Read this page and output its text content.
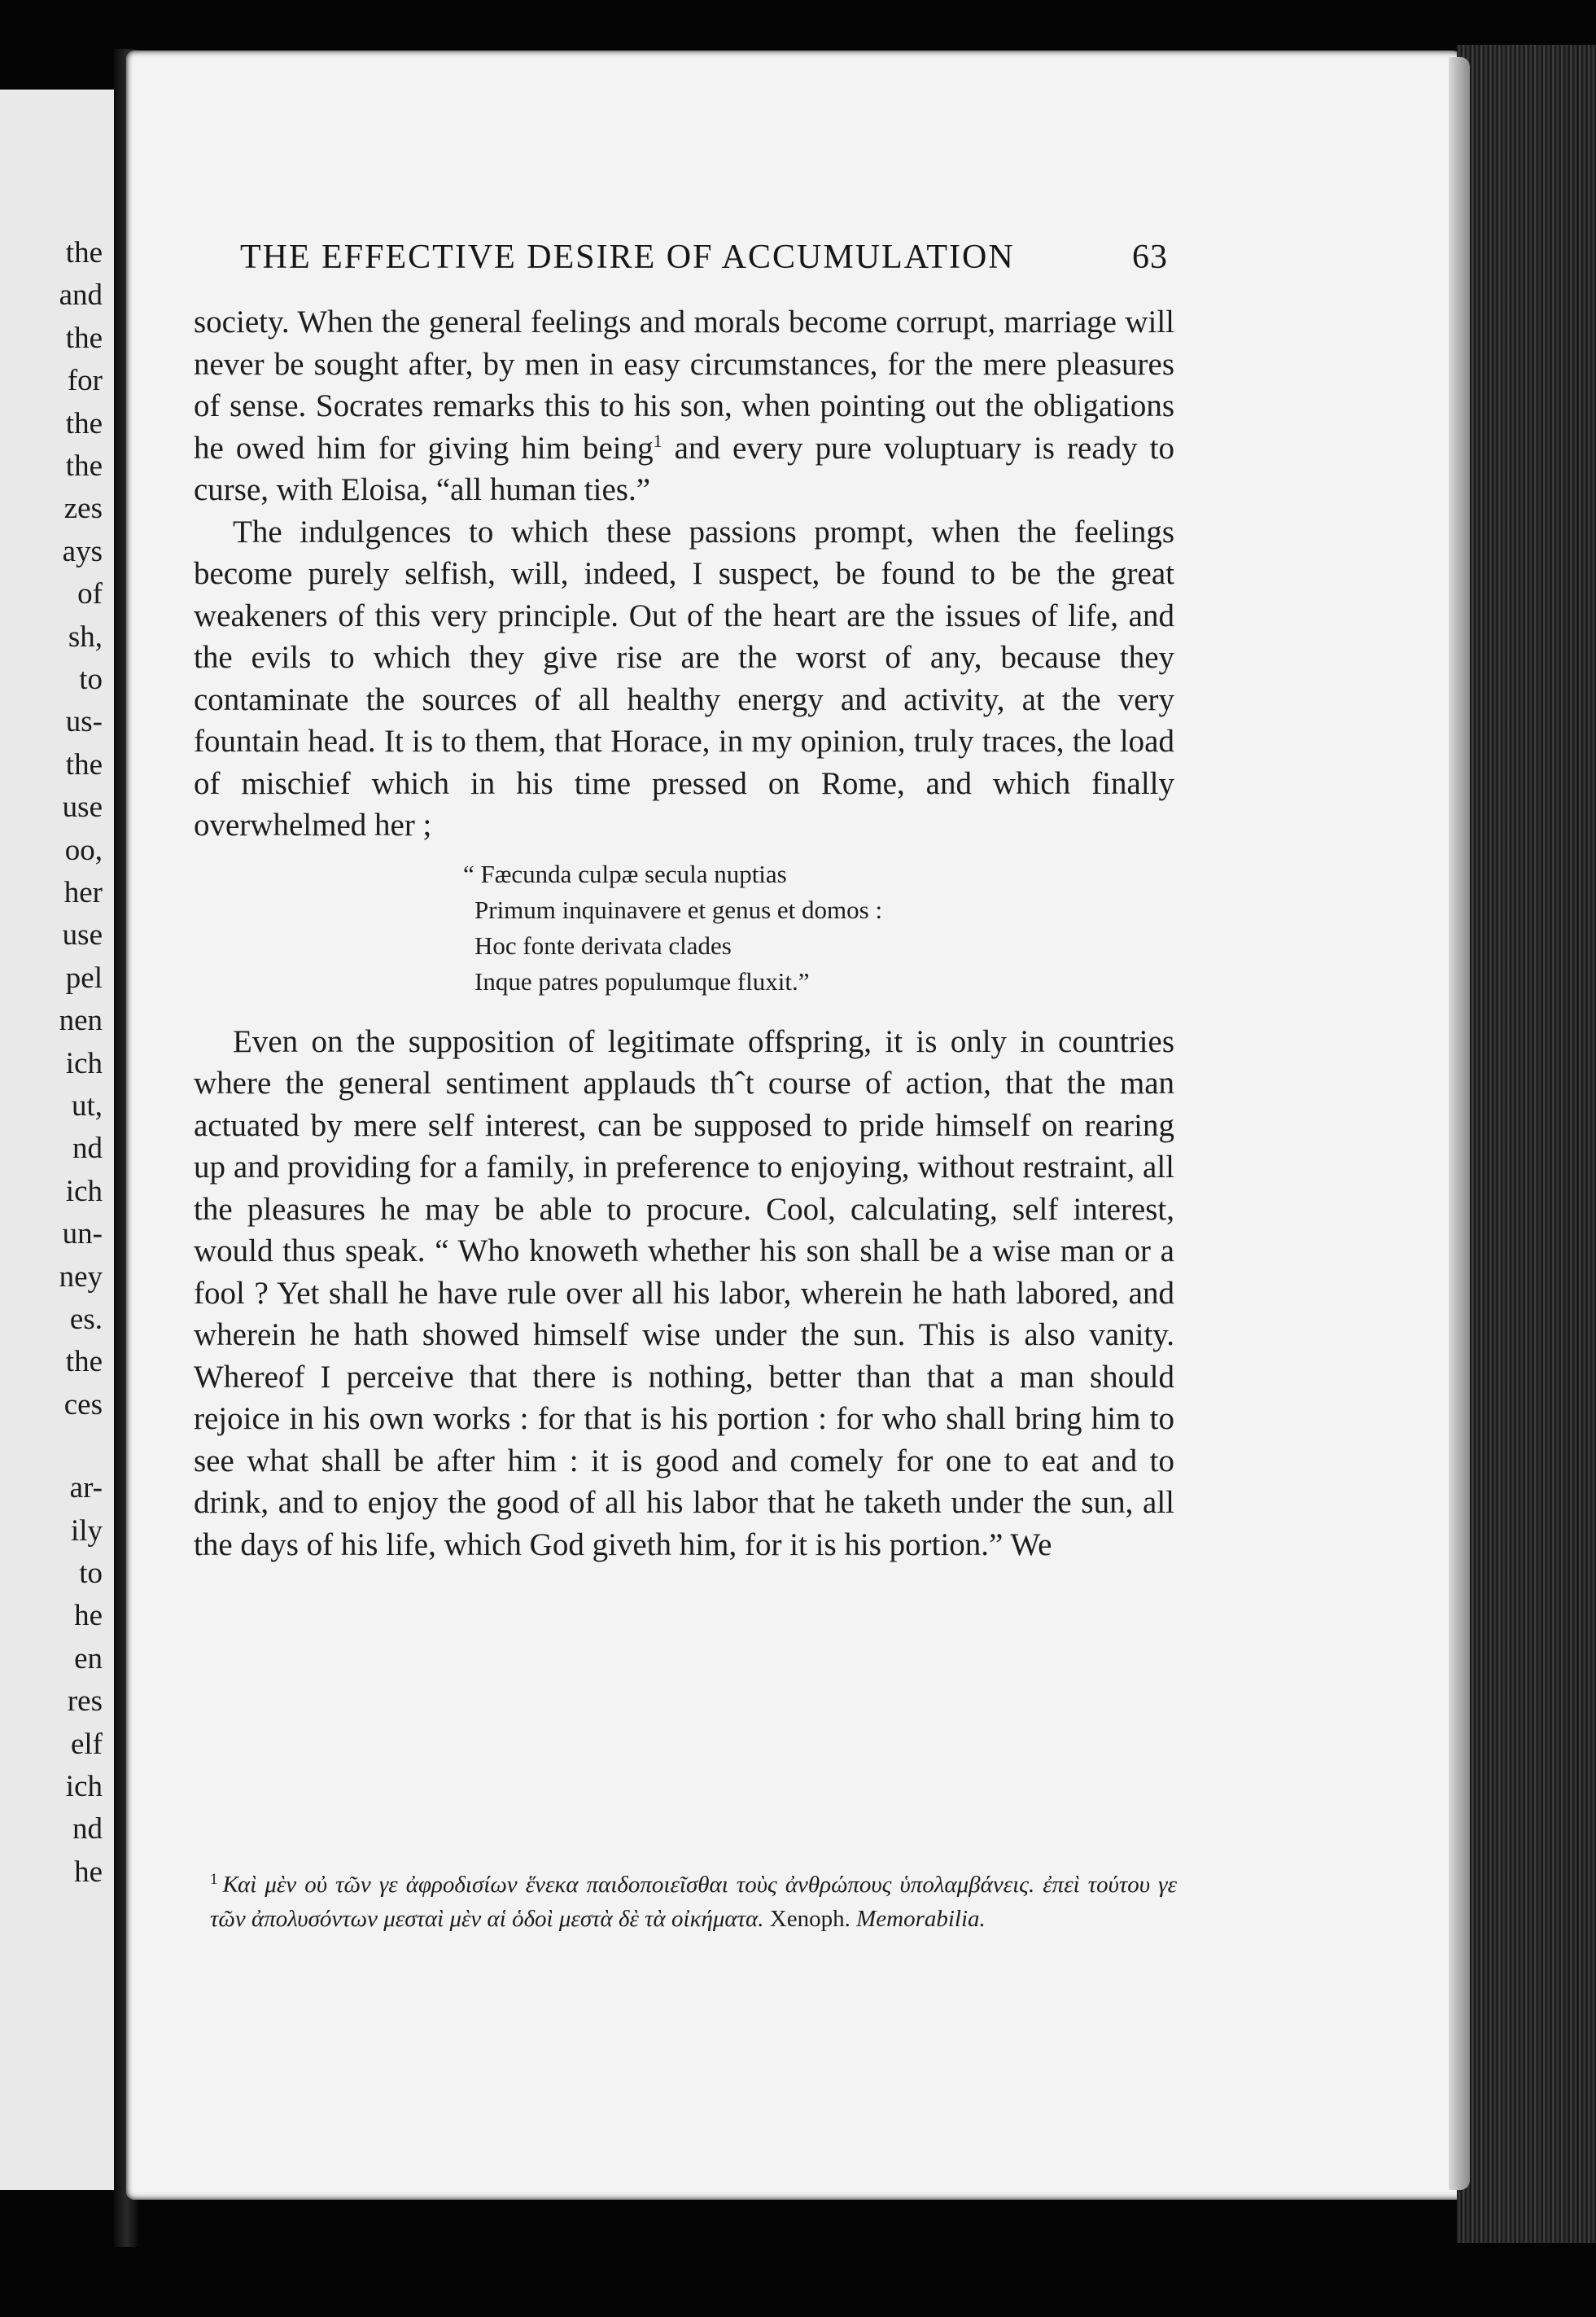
the
and
the
for
the
the
zes
ays
of
sh,
to
us-
the
use
oo,
her
use
pel
nen
ich
ut,
nd
ich
un-
ney
es.
the
ces
ar-
ily
to
he
en
res
elf
ich
nd
he
THE EFFECTIVE DESIRE OF ACCUMULATION	63

society. When the general feelings and morals become corrupt, marriage will never be sought after, by men in easy circumstances, for the mere pleasures of sense. Socrates remarks this to his son, when pointing out the obligations he owed him for giving him being$^1$ and every pure voluptuary is ready to curse, with Eloisa, “all human ties.”

The indulgences to which these passions prompt, when the feelings become purely selfish, will, indeed, I suspect, be found to be the great weakeners of this very principle. Out of the heart are the issues of life, and the evils to which they give rise are the worst of any, because they contaminate the sources of all healthy energy and activity, at the very fountain head. It is to them, that Horace, in my opinion, truly traces, the load of mischief which in his time pressed on Rome, and which finally overwhelmed her ;

“ Fæcunda culpæ secula nuptias
Primum inquinavere et genus et domos :
Hoc fonte derivata clades
Inque patres populumque fluxit.”

Even on the supposition of legitimate offspring, it is only in countries where the general sentiment applauds thˆt course of action, that the man actuated by mere self interest, can be supposed to pride himself on rearing up and providing for a family, in preference to enjoying, without restraint, all the pleasures he may be able to procure. Cool, calculating, self interest, would thus speak. “ Who knoweth whether his son shall be a wise man or a fool ? Yet shall he have rule over all his labor, wherein he hath labored, and wherein he hath showed himself wise under the sun. This is also vanity. Whereof I perceive that there is nothing, better than that a man should rejoice in his own works : for that is his portion : for who shall bring him to see what shall be after him : it is good and comely for one to eat and to drink, and to enjoy the good of all his labor that he taketh under the sun, all the days of his life, which God giveth him, for it is his portion.” We

$^1$ Καὶ μὲν οὐ τῶν γε ἀφροδισίων ἕνεκα παιδοποιεῖσθαι τοὺς ἀνθρώπους ὑπολαμβάνεις. ἐπεὶ τούτου γε τῶν ἀπολυσόντων μεσταὶ μὲν αἱ ὁδοὶ μεστὰ δὲ τὰ οἰκήματα. Xenoph. Memorabilia.
